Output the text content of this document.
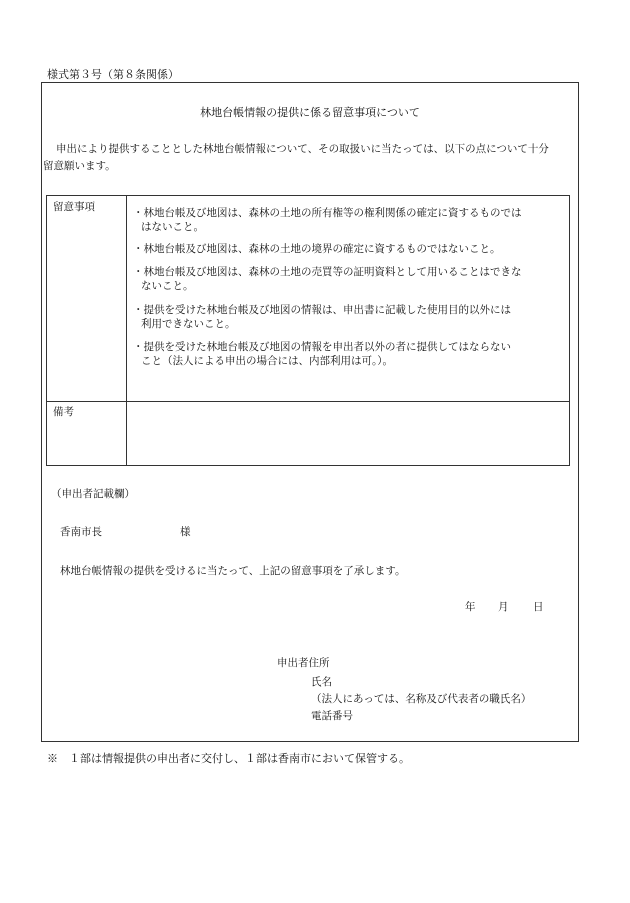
様式第３号（第８条関係）
林地台帳情報の提供に係る留意事項について
申出により提供することとした林地台帳情報について、その取扱いに当たっては、以下の点について十分
留意願います。
留意事項
備考
・林地台帳及び地図は、森林の土地の所有権等の権利関係の確定に資するものでは
はないこと。
・林地台帳及び地図は、森林の土地の境界の確定に資するものではないこと。
・林地台帳及び地図は、森林の土地の売買等の証明資料として用いることはできな
ないこと。
・提供を受けた林地台帳及び地図の情報は、申出書に記載した使用目的以外には
利用できないこと。
・提供を受けた林地台帳及び地図の情報を申出者以外の者に提供してはならない
こと（法人による申出の場合には、内部利用は可。）。
（申出者記載欄）
香南市長	様
林地台帳情報の提供を受けるに当たって、上記の留意事項を了承します。
年 月 日
申出者住所
氏名
（法人にあっては、名称及び代表者の職氏名）
電話番号
※　１部は情報提供の申出者に交付し、１部は香南市において保管する。
